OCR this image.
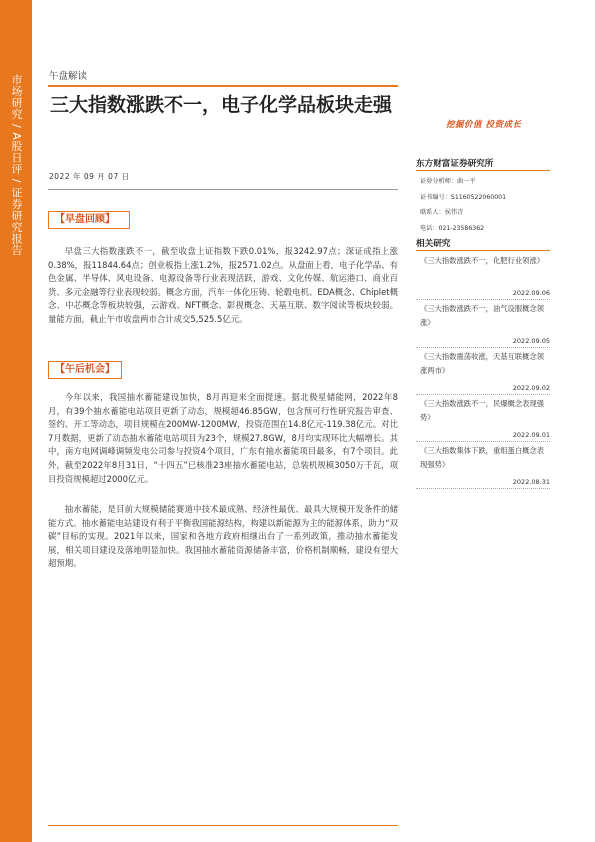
市场研究 / A股日评 / 证券研究报告	午盘解读
三大指数涨跌不一，电子化学品板块走强
2022 年 09 月 07 日
【早盘回顾】
早盘三大指数涨跌不一，截至收盘上证指数下跌0.01%，报3242.97点；深证成指上涨0.38%，报11844.64点；创业板指上涨1.2%，报2571.02点。从盘面上看，电子化学品、有色金属、半导体、风电设备、电源设备等行业表现活跃，游戏、文化传媒、航运港口、商业百货、多元金融等行业表现较弱。概念方面，汽车一体化压铸、轮毂电机、EDA概念、Chiplet概念、中芯概念等板块较强，云游戏、NFT概念、影视概念、天基互联、数字阅读等板块较弱。量能方面，截止午市收盘两市合计成交5,525.5亿元。
【午后机会】
今年以来，我国抽水蓄能建设加快，8月再迎来全面提速。据北极星储能网，2022年8月，有39个抽水蓄能电站项目更新了动态，规模超46.85GW，包含预可行性研究报告审查、签约、开工等动态，项目规模在200MW-1200MW，投资范围在14.8亿元-119.38亿元。对比7月数据，更新了动态抽水蓄能电站项目为23个，规模27.8GW，8月均实现环比大幅增长。其中，南方电网调峰调频发电公司参与投资4个项目，广东有抽水蓄能项目最多，有7个项目。此外，截至2022年8月31日，“十四五”已核准23座抽水蓄能电站，总装机规模3050万千瓦，项目投资规模超过2000亿元。
抽水蓄能，是目前大规模储能赛道中技术最成熟、经济性最优、最具大规模开发条件的储能方式。抽水蓄能电站建设有利于平衡我国能源结构，构建以新能源为主的能源体系，助力“双碳”目标的实现。2021年以来，国家和各地方政府相继出台了一系列政策，推动抽水蓄能发展，相关项目建设及落地明显加快。我国抽水蓄能资源储备丰富，价格机制顺畅，建设有望大超预期。
挖掘价值 投资成长
东方财富证券研究所
证券分析师：曲一平
证书编号：S1160522060001
联系人：侯伟青
电话：021-23586362
相关研究
《三大指数涨跌不一，化肥行业领涨》
2022.09.06
《三大指数涨跌不一，油气设服概念领涨》
2022.09.05
《三大指数震荡收涨，天基互联概念领涨两市》
2022.09.02
《三大指数涨跌不一，民爆概念表现强势》
2022.09.01
《三大指数集体下跌，重组蛋白概念表现强势》
2022.08.31
